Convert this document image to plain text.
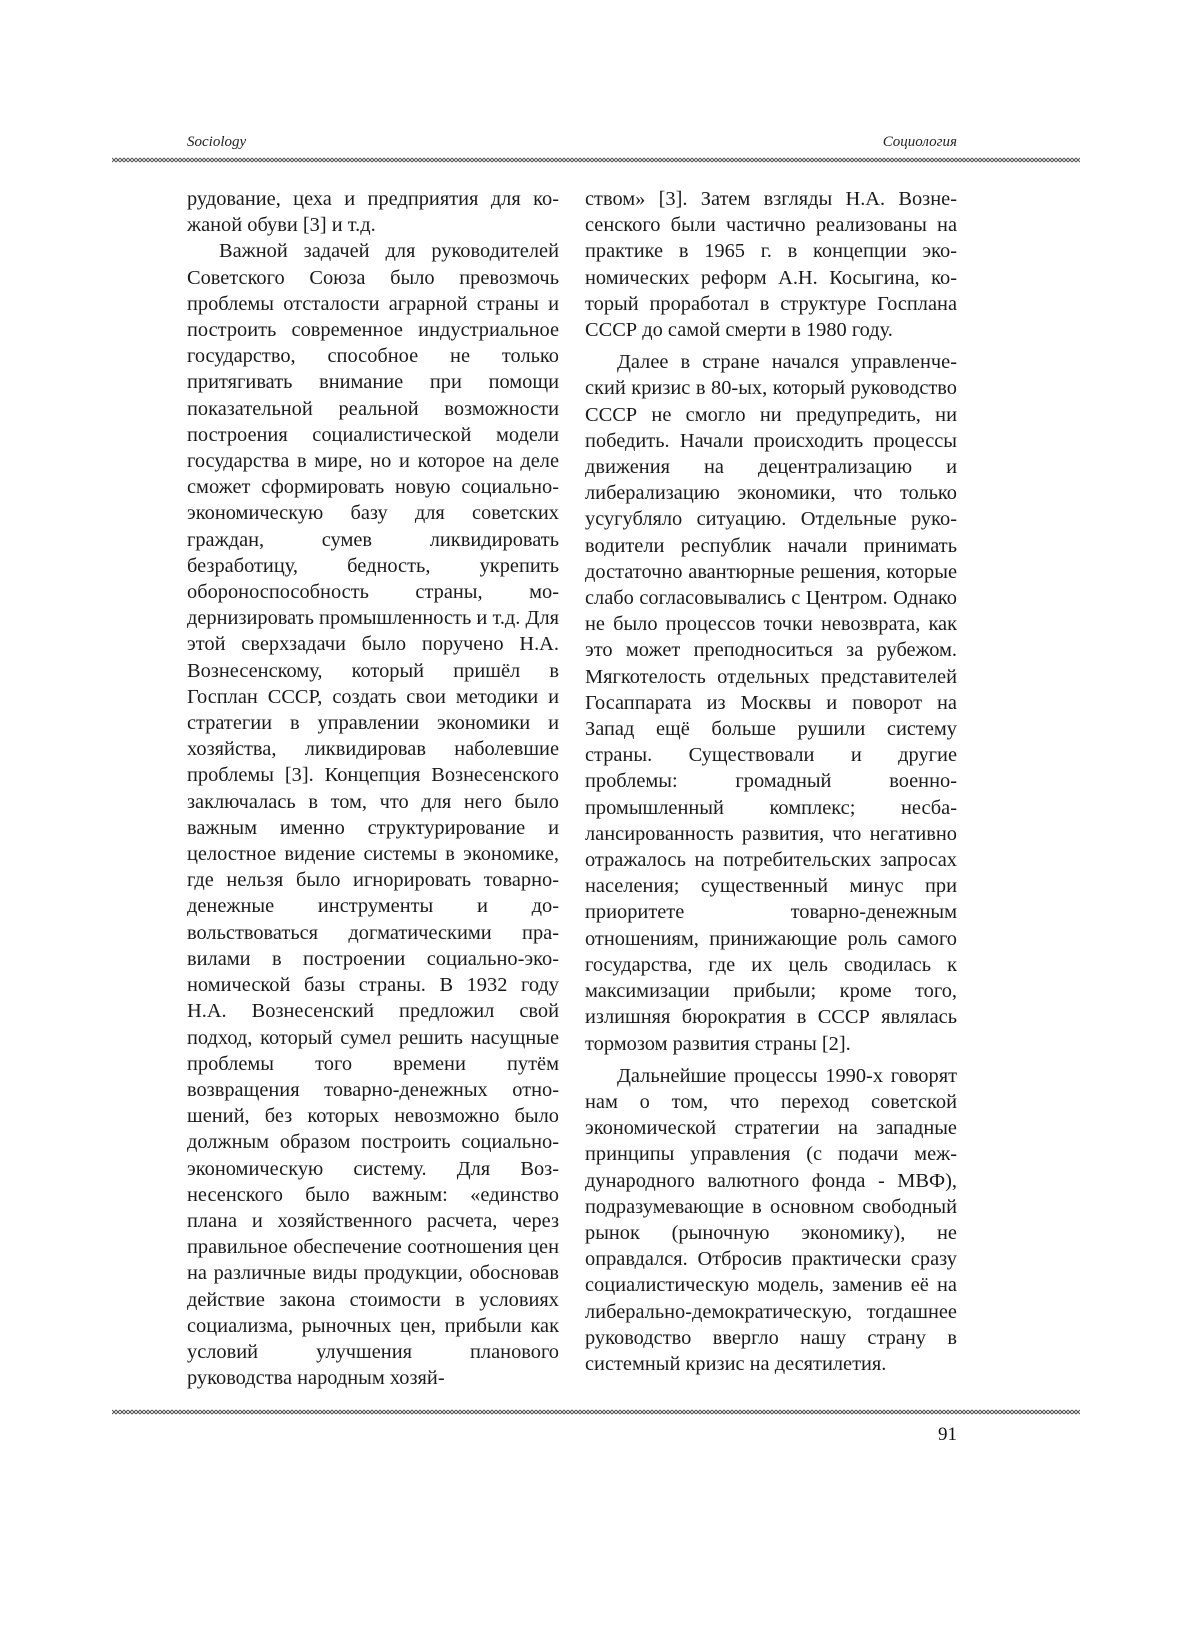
Sociology	Социология

рудование, цеха и предприятия для кожаной обуви [3] и т.д.

Важной задачей для руководителей Советского Союза было превозмочь проблемы отсталости аграрной страны и построить современное индустриальное государство, способное не только притягивать внимание при помощи показательной реальной возможности построения социалистической модели государства в мире, но и которое на деле сможет сформировать новую социально-экономическую базу для советских граждан, сумев ликвидировать безработицу, бедность, укрепить обороноспособность страны, модернизировать промышленность и т.д. Для этой сверхзадачи было поручено Н.А. Вознесенскому, который пришёл в Госплан СССР, создать свои методики и стратегии в управлении экономики и хозяйства, ликвидировав наболевшие проблемы [3]. Концепция Вознесенского заключалась в том, что для него было важным именно структурирование и целостное видение системы в экономике, где нельзя было игнорировать товарно-денежные инструменты и довольствоваться догматическими правилами в построении социально-экономической базы страны. В 1932 году Н.А. Вознесенский предложил свой подход, который сумел решить насущные проблемы того времени путём возвращения товарно-денежных отношений, без которых невозможно было должным образом построить социально-экономическую систему. Для Вознесенского было важным: «единство плана и хозяйственного расчета, через правильное обеспечение соотношения цен на различные виды продукции, обосновав действие закона стоимости в условиях социализма, рыночных цен, прибыли как условий улучшения планового руководства народным хозяй-

ством» [3]. Затем взгляды Н.А. Вознесенского были частично реализованы на практике в 1965 г. в концепции экономических реформ А.Н. Косыгина, который проработал в структуре Госплана СССР до самой смерти в 1980 году.

Далее в стране начался управленческий кризис в 80-ых, который руководство СССР не смогло ни предупредить, ни победить. Начали происходить процессы движения на децентрализацию и либерализацию экономики, что только усугубляло ситуацию. Отдельные руководители республик начали принимать достаточно авантюрные решения, которые слабо согласовывались с Центром. Однако не было процессов точки невозврата, как это может преподноситься за рубежом. Мягкотелость отдельных представителей Госаппарата из Москвы и поворот на Запад ещё больше рушили систему страны. Существовали и другие проблемы: громадный военно-промышленный комплекс; несбалансированность развития, что негативно отражалось на потребительских запросах населения; существенный минус при приоритете товарно-денежным отношениям, принижающие роль самого государства, где их цель сводилась к максимизации прибыли; кроме того, излишняя бюрократия в СССР являлась тормозом развития страны [2].

Дальнейшие процессы 1990-х говорят нам о том, что переход советской экономической стратегии на западные принципы управления (с подачи международного валютного фонда - МВФ), подразумевающие в основном свободный рынок (рыночную экономику), не оправдался. Отбросив практически сразу социалистическую модель, заменив её на либерально-демократическую, тогдашнее руководство ввергло нашу страну в системный кризис на десятилетия.

91
